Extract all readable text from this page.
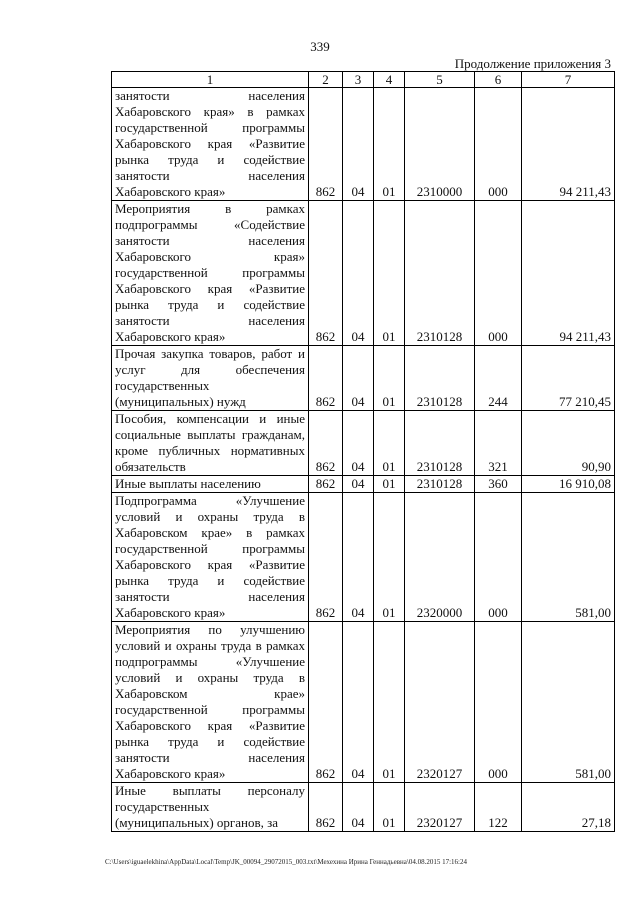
339
Продолжение приложения 3
1	2	3	4	5	6	7
занятости населения Хабаровского края» в рамках государственной программы Хабаровского края «Развитие рынка труда и содействие занятости населения Хабаровского края»	862	04	01	2310000	000	94 211,43
Мероприятия в рамках подпрограммы «Содействие занятости населения Хабаровского края» государственной программы Хабаровского края «Развитие рынка труда и содействие занятости населения Хабаровского края»	862	04	01	2310128	000	94 211,43
Прочая закупка товаров, работ и услуг для обеспечения государственных (муниципальных) нужд	862	04	01	2310128	244	77 210,45
Пособия, компенсации и иные социальные выплаты гражданам, кроме публичных нормативных обязательств	862	04	01	2310128	321	90,90
Иные выплаты населению	862	04	01	2310128	360	16 910,08
Подпрограмма «Улучшение условий и охраны труда в Хабаровском крае» в рамках государственной программы Хабаровского края «Развитие рынка труда и содействие занятости населения Хабаровского края»	862	04	01	2320000	000	581,00
Мероприятия по улучшению условий и охраны труда в рамках подпрограммы «Улучшение условий и охраны труда в Хабаровском крае» государственной программы Хабаровского края «Развитие рынка труда и содействие занятости населения Хабаровского края»	862	04	01	2320127	000	581,00
Иные выплаты персоналу государственных (муниципальных) органов, за	862	04	01	2320127	122	27,18
C:\Users\iguaelekhina\AppData\Local\Temp\JK_00094_29072015_003.txt\Мехехина Ирина Геннадьевна\04.08.2015 17:16:24
